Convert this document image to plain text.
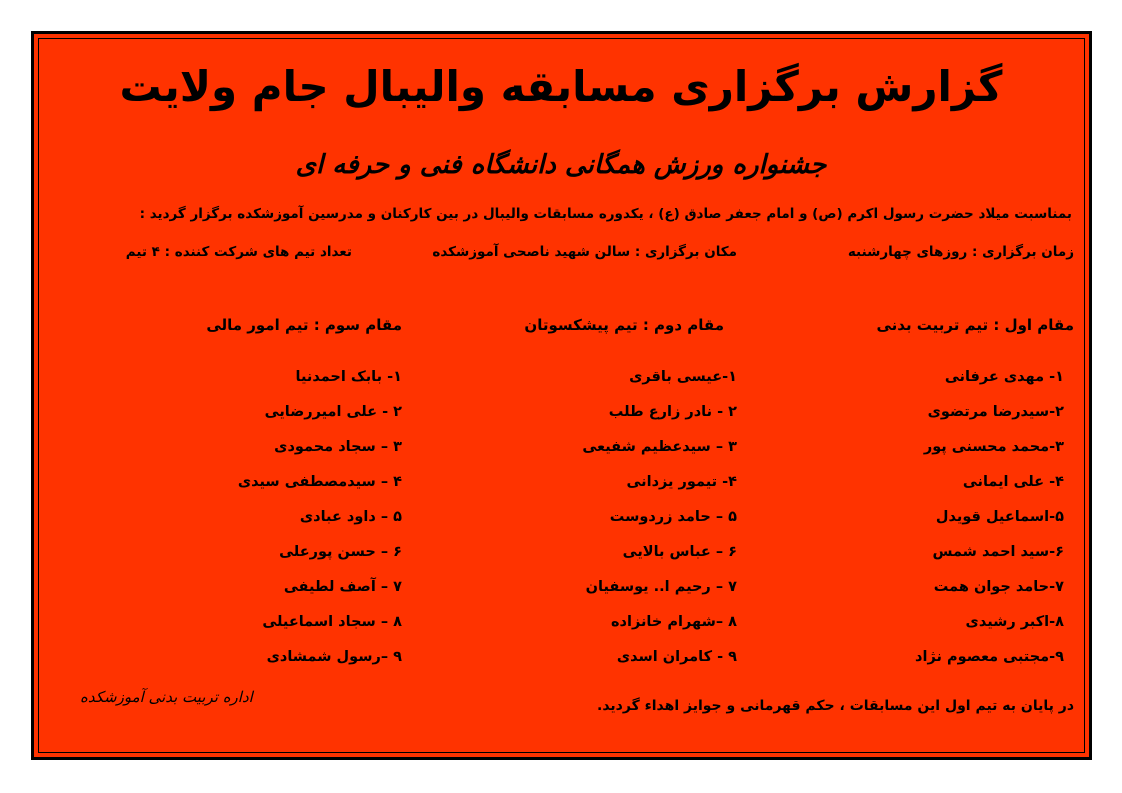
گزارش برگزاری مسابقه والیبال جام ولایت
جشنواره ورزش همگانی دانشگاه فنی و حرفه ای
بمناسبت میلاد حضرت رسول اکرم (ص) و امام جعفر صادق (ع) ، یکدوره مسابقات والیبال در بین کارکنان و مدرسین آموزشکده برگزار گردید :
زمان برگزاری : روزهای چهارشنبه
مکان برگزاری : سالن شهید ناصحی آموزشکده
تعداد تیم های شرکت کننده : ۴ تیم
مقام اول : تیم تربیت بدنی
مقام دوم : تیم پیشکسوتان
مقام سوم : تیم امور مالی
۱- مهدی عرفانی
۲-سیدرضا مرتضوی
۳-محمد محسنی پور
۴- علی ایمانی
۵-اسماعیل قویدل
۶-سید احمد شمس
۷-حامد جوان همت
۸-اکبر رشیدی
۹-مجتبی معصوم نژاد
۱-عیسی باقری
۲ - نادر زارع طلب
۳ – سیدعظیم شفیعی
۴- تیمور یزدانی
۵ – حامد زردوست
۶ – عباس بالایی
۷ – رحیم ا.. یوسفیان
۸ –شهرام خانزاده
۹ - کامران اسدی
۱- بابک احمدنیا
۲ - علی امیررضایی
۳ – سجاد محمودی
۴ – سیدمصطفی سیدی
۵ – داود عبادی
۶ – حسن پورعلی
۷ – آصف لطیفی
۸ – سجاد اسماعیلی
۹ –رسول شمشادی
در پایان به تیم اول این مسابقات ، حکم قهرمانی و جوایز اهداء گردید.
اداره تربیت بدنی آموزشکده
